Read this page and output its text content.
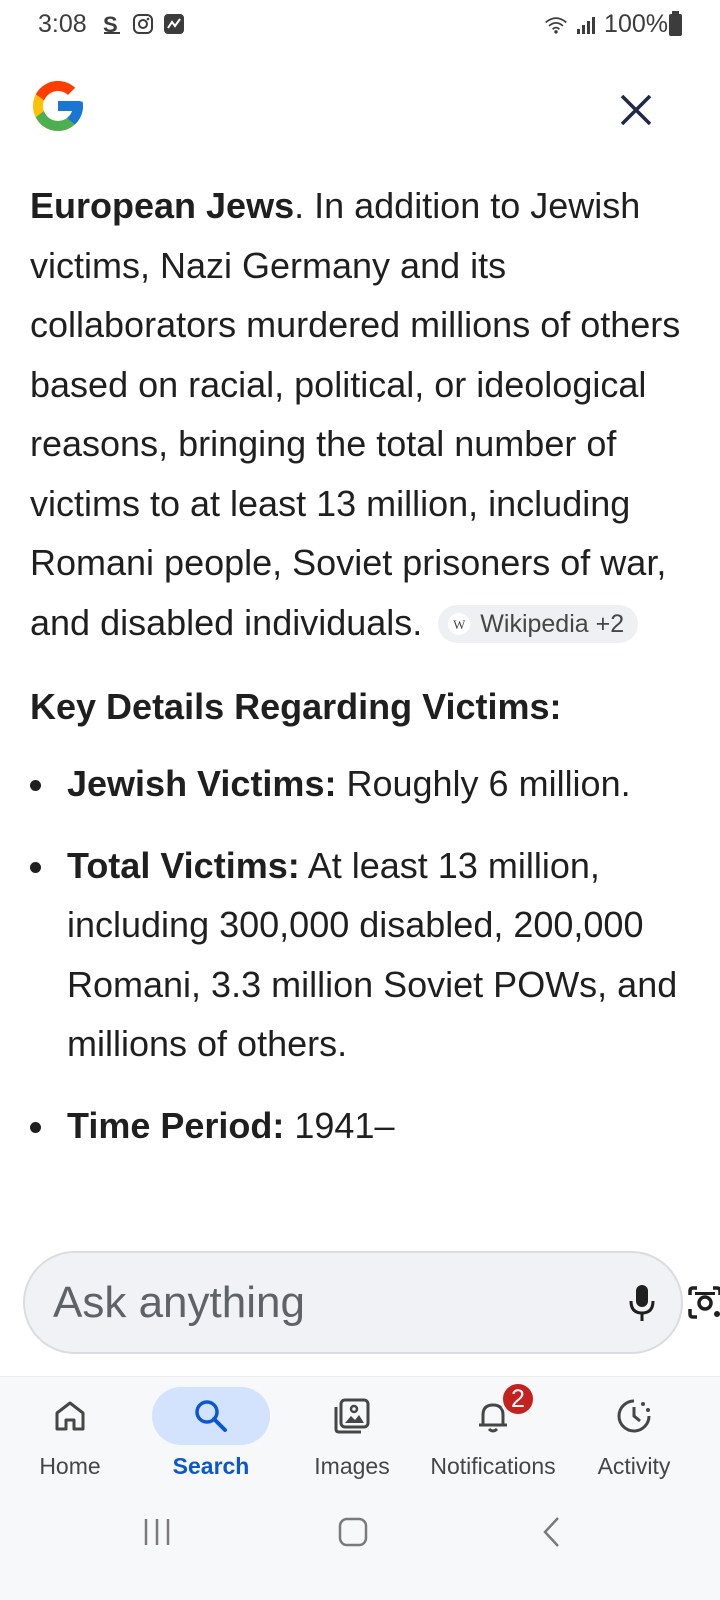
3:08 S	100%

European Jews. In addition to Jewish victims, Nazi Germany and its collaborators murdered millions of others based on racial, political, or ideological reasons, bringing the total number of victims to at least 13 million, including Romani people, Soviet prisoners of war, and disabled individuals.	W Wikipedia +2

Key Details Regarding Victims:
Jewish Victims: Roughly 6 million.
Total Victims: At least 13 million, including 300,000 disabled, 200,000 Romani, 3.3 million Soviet POWs, and millions of others.
Time Period: 1941–
Ask anything
Home	Search	Images
2
Notifications Activity
